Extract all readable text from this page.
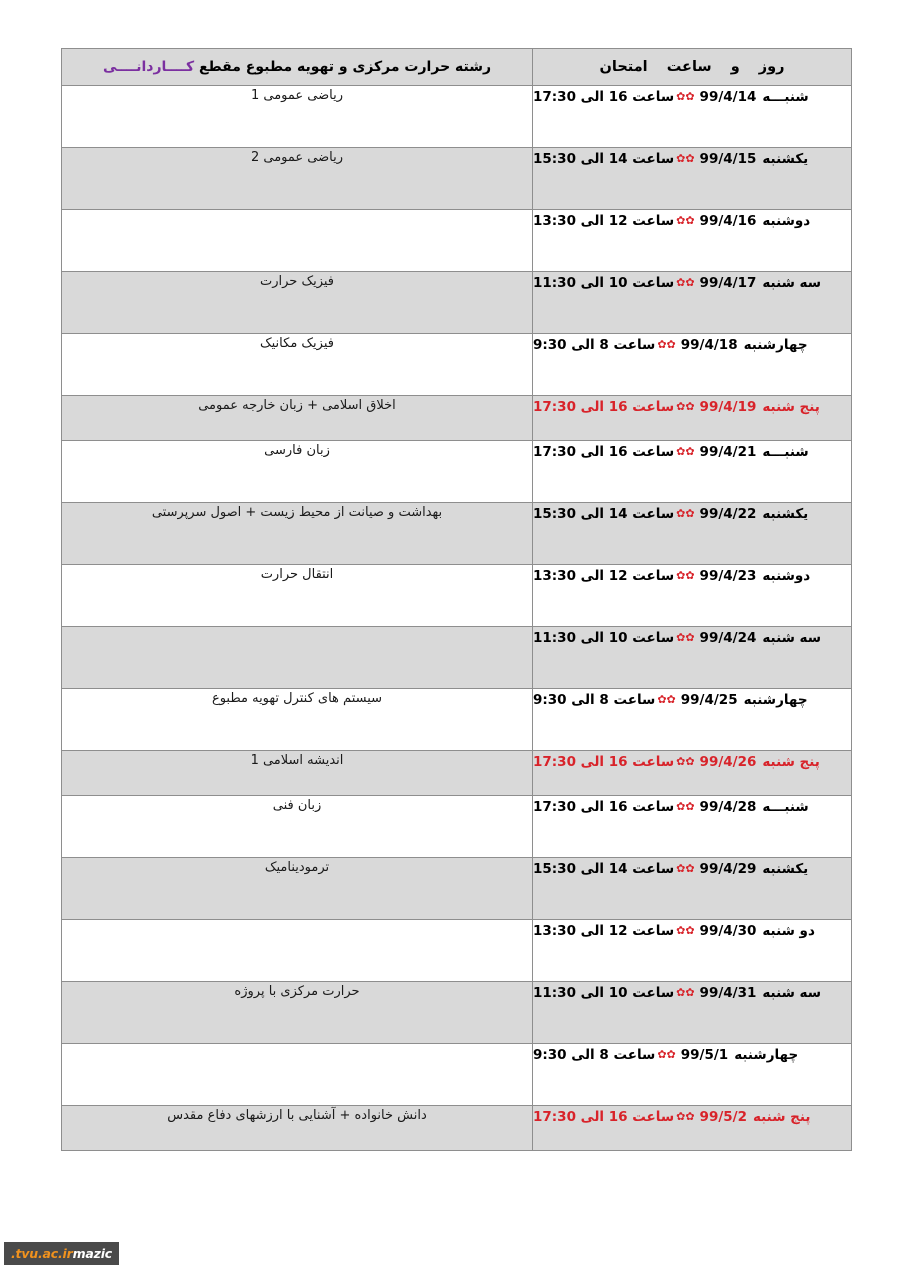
روز و ساعت امتحان	رشته حرارت مرکزی و تهویه مطبوع مقطع کــــاردانــــی

شنبـــه99/4/14✿✿ساعت 16 الی 17:30	ریاضی عمومی 1

یکشنبه99/4/15✿✿ساعت 14 الی 15:30	ریاضی عمومی 2

دوشنبه99/4/16✿✿ساعت 12 الی 13:30	

سه شنبه99/4/17✿✿ساعت 10 الی 11:30	فیزیک حرارت

چهارشنبه99/4/18✿✿ساعت 8 الی 9:30	فیزیک مکانیک

پنج شنبه99/4/19✿✿ساعت 16 الی 17:30	اخلاق اسلامی + زبان خارجه عمومی

شنبـــه99/4/21✿✿ساعت 16 الی 17:30	زبان فارسی

یکشنبه99/4/22✿✿ساعت 14 الی 15:30	بهداشت و صیانت از محیط زیست + اصول سرپرستی

دوشنبه99/4/23✿✿ساعت 12 الی 13:30	انتقال حرارت

سه شنبه99/4/24✿✿ساعت 10 الی 11:30	

چهارشنبه99/4/25✿✿ساعت 8 الی 9:30	سیستم های کنترل تهویه مطبوع

پنج شنبه99/4/26✿✿ساعت 16 الی 17:30	اندیشه اسلامی 1

شنبـــه99/4/28✿✿ساعت 16 الی 17:30	زبان فنی

یکشنبه99/4/29✿✿ساعت 14 الی 15:30	ترمودینامیک

دو شنبه99/4/30✿✿ساعت 12 الی 13:30	

سه شنبه99/4/31✿✿ساعت 10 الی 11:30	حرارت مرکزی با پروژه

چهارشنبه99/5/1✿✿ساعت 8 الی 9:30	

پنج شنبه99/5/2✿✿ساعت 16 الی 17:30	دانش خانواده + آشنایی با ارزشهای دفاع مقدس
mazic.tvu.ac.ir
